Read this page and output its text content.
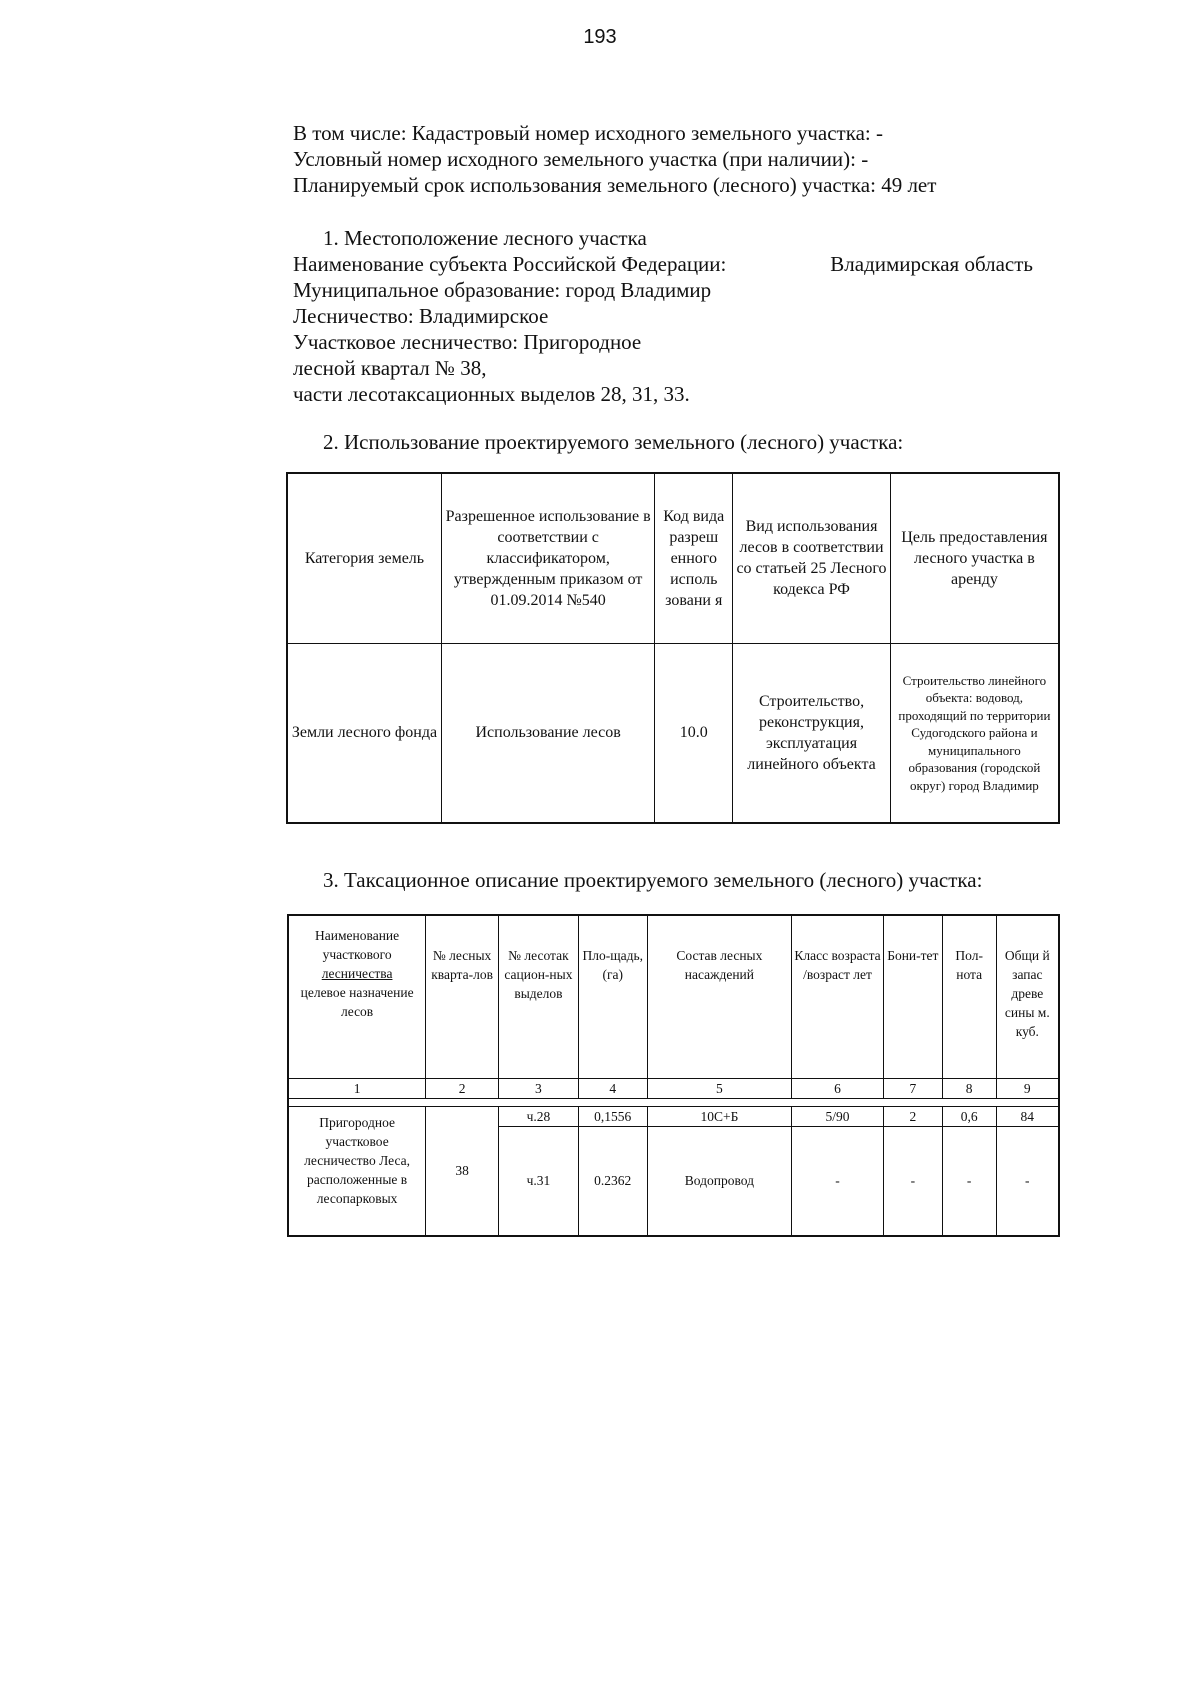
193
В том числе: Кадастровый номер исходного земельного участка: -
Условный номер исходного земельного участка (при наличии): -
Планируемый срок использования земельного (лесного) участка: 49 лет
1. Местоположение лесного участка
Наименование субъекта Российской Федерации:	Владимирская область
Муниципальное образование: город Владимир
Лесничество: Владимирское
Участковое лесничество: Пригородное
лесной квартал № 38,
части лесотаксационных выделов 28, 31, 33.
2. Использование проектируемого земельного (лесного) участка:
Категория земель	Разрешенное использование в соответствии с классификатором, утвержденным приказом от 01.09.2014 №540	Код вида разреш енного исполь зовани я	Вид использования лесов в соответствии со статьей 25 Лесного кодекса РФ	Цель предоставления лесного участка в аренду
Земли лесного фонда	Использование лесов	10.0	Строительство, реконструкция, эксплуатация линейного объекта	Строительство линейного объекта: водовод, проходящий по территории Судогодского района и муниципального образования (городской округ) город Владимир
3. Таксационное описание проектируемого земельного (лесного) участка:
Наименование участкового
лесничества
целевое назначение лесов	№ лесных кварта-лов	№ лесотак сацион-ных выделов	Пло-щадь, (га)	Состав лесных насаждений	Класс возраста /возраст лет	Бони-тет	Пол-нота	Общи й запас древе сины м. куб.
1	2	3	4	5	6	7	8	9

Пригородное участковое лесничество Леса, расположенные в лесопарковых	38	ч.28	0,1556	10С+Б	5/90	2	0,6	84
		ч.31	0.2362	Водопровод	-	-	-	-
